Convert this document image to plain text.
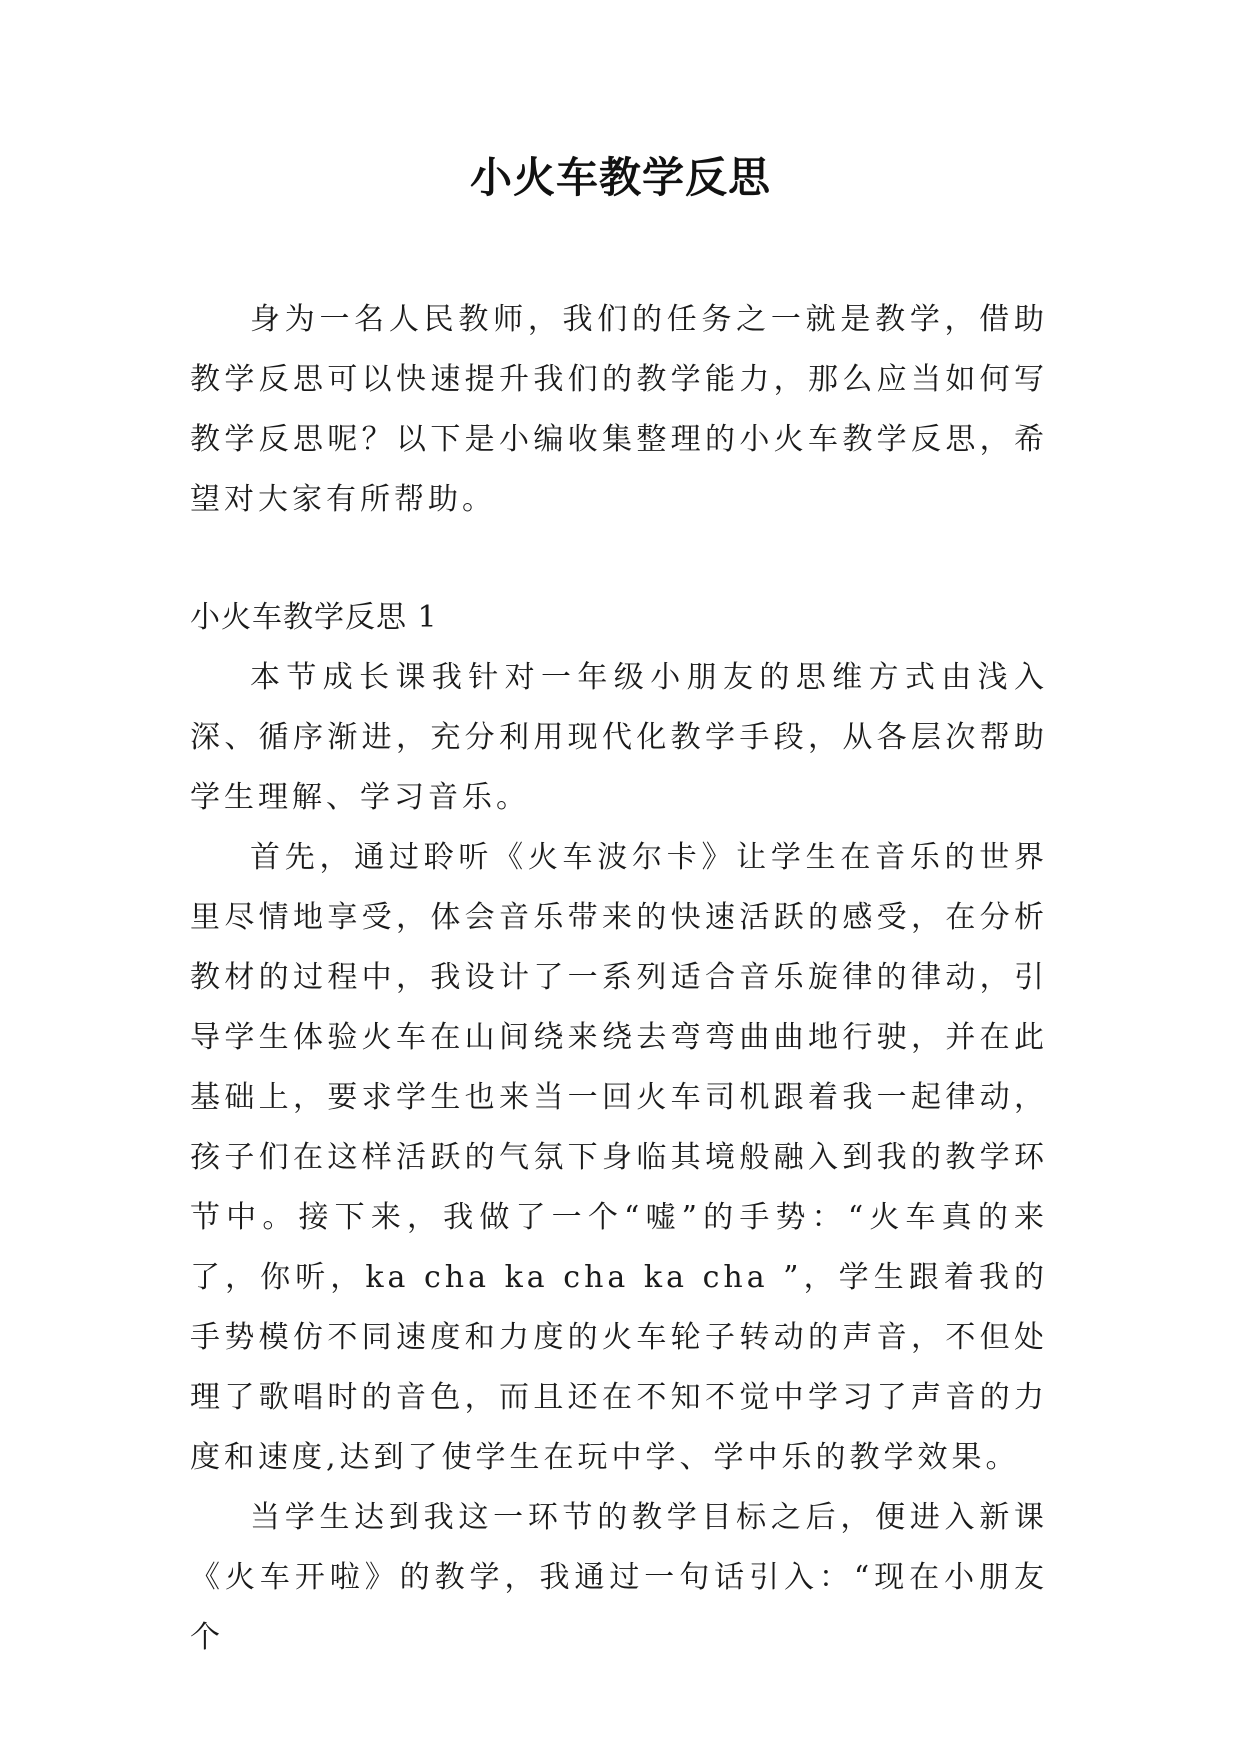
小火车教学反思

身为一名人民教师，我们的任务之一就是教学，借助教学反思可以快速提升我们的教学能力，那么应当如何写教学反思呢？以下是小编收集整理的小火车教学反思，希望对大家有所帮助。

小火车教学反思 1

本节成长课我针对一年级小朋友的思维方式由浅入深、循序渐进，充分利用现代化教学手段，从各层次帮助学生理解、学习音乐。

首先，通过聆听《火车波尔卡》让学生在音乐的世界里尽情地享受，体会音乐带来的快速活跃的感受，在分析教材的过程中，我设计了一系列适合音乐旋律的律动，引导学生体验火车在山间绕来绕去弯弯曲曲地行驶，并在此基础上，要求学生也来当一回火车司机跟着我一起律动，孩子们在这样活跃的气氛下身临其境般融入到我的教学环节中。接下来，我做了一个“嘘”的手势：“火车真的来了，你听，ka cha ka cha ka cha ”，学生跟着我的手势模仿不同速度和力度的火车轮子转动的声音，不但处理了歌唱时的音色，而且还在不知不觉中学习了声音的力度和速度,达到了使学生在玩中学、学中乐的教学效果。

当学生达到我这一环节的教学目标之后，便进入新课《火车开啦》的教学，我通过一句话引入：“现在小朋友个
